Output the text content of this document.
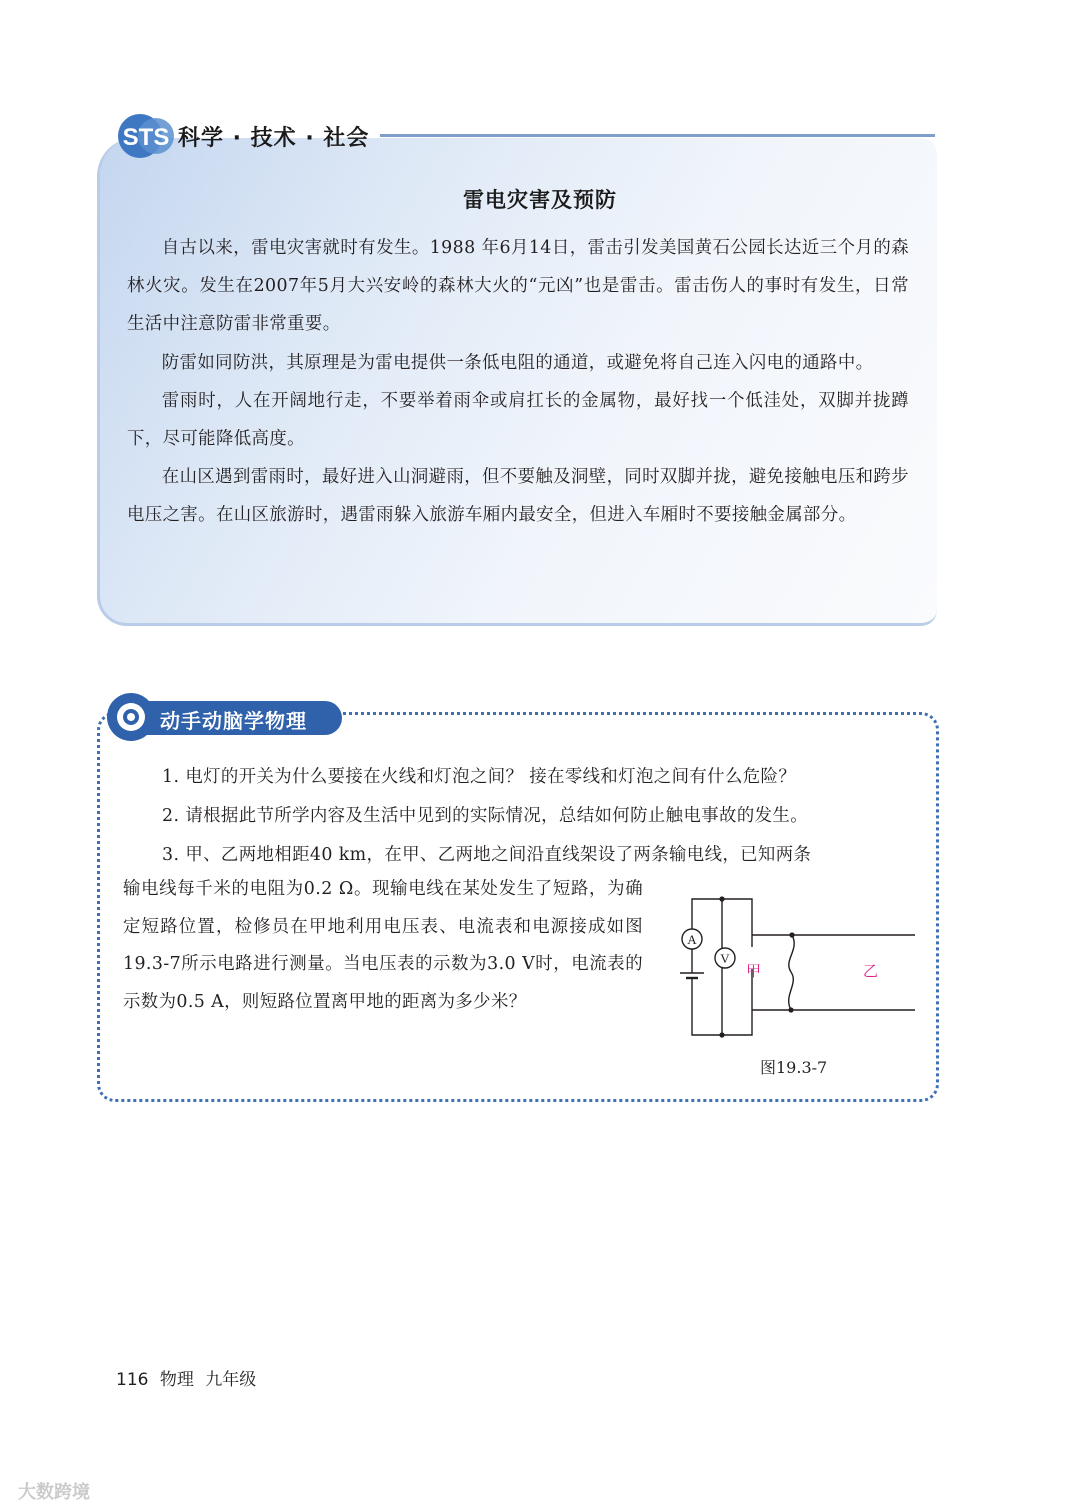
STS 科学 · 技术 · 社会
雷电灾害及预防

自古以来，雷电灾害就时有发生。1988 年6月14日，雷击引发美国黄石公园长达近三个月的森林火灾。发生在2007年5月大兴安岭的森林大火的“元凶”也是雷击。雷击伤人的事时有发生，日常生活中注意防雷非常重要。

防雷如同防洪，其原理是为雷电提供一条低电阻的通道，或避免将自己连入闪电的通路中。

雷雨时，人在开阔地行走，不要举着雨伞或肩扛长的金属物，最好找一个低洼处，双脚并拢蹲下，尽可能降低高度。

在山区遇到雷雨时，最好进入山洞避雨，但不要触及洞壁，同时双脚并拢，避免接触电压和跨步电压之害。在山区旅游时，遇雷雨躲入旅游车厢内最安全，但进入车厢时不要接触金属部分。

动手动脑学物理
1. 电灯的开关为什么要接在火线和灯泡之间？ 接在零线和灯泡之间有什么危险？
2. 请根据此节所学内容及生活中见到的实际情况，总结如何防止触电事故的发生。
3. 甲、乙两地相距40 km，在甲、乙两地之间沿直线架设了两条输电线，已知两条
输电线每千米的电阻为0.2 Ω。现输电线在某处发生了短路，为确定短路位置，检修员在甲地利用电压表、电流表和电源接成如图19.3-7所示电路进行测量。当电压表的示数为3.0 V时，电流表的示数为0.5 A，则短路位置离甲地的距离为多少米？
A
V
甲	乙
图19.3-7
116 物理 九年级
大数跨境
